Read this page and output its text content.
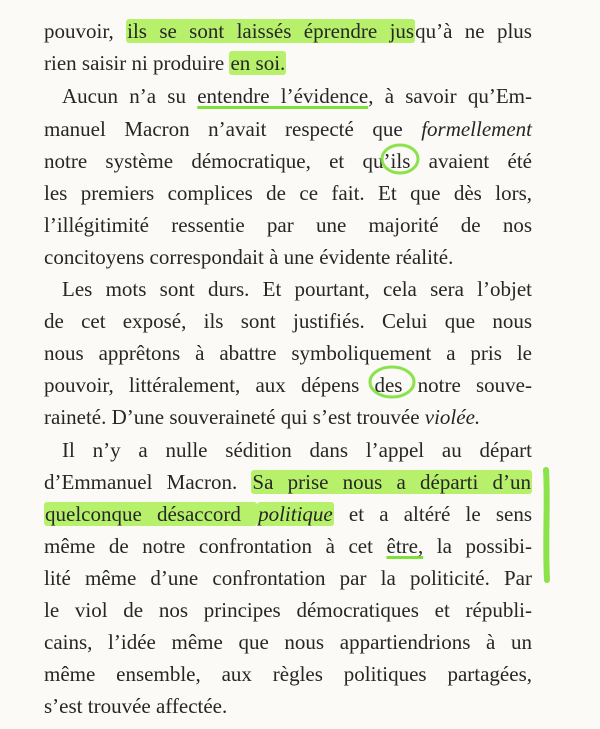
pouvoir, ils se sont laissés éprendre jusqu’à ne plus
rien saisir ni produire en soi.
Aucun n’a su entendre l’évidence, à savoir qu’Em-
manuel Macron n’avait respecté que formellement
notre système démocratique, et qu’ils avaient été
les premiers complices de ce fait. Et que dès lors,
l’illégitimité ressentie par une majorité de nos
concitoyens correspondait à une évidente réalité.
Les mots sont durs. Et pourtant, cela sera l’objet
de cet exposé, ils sont justifiés. Celui que nous
nous apprêtons à abattre symboliquement a pris le
pouvoir, littéralement, aux dépens des notre souve-
raineté. D’une souveraineté qui s’est trouvée violée.
Il n’y a nulle sédition dans l’appel au départ
d’Emmanuel Macron. Sa prise nous a départi d’un
quelconque désaccord politique et a altéré le sens
même de notre confrontation à cet être, la possibi-
lité même d’une confrontation par la politicité. Par
le viol de nos principes démocratiques et républi-
cains, l’idée même que nous appartiendrions à un
même ensemble, aux règles politiques partagées,
s’est trouvée affectée.
